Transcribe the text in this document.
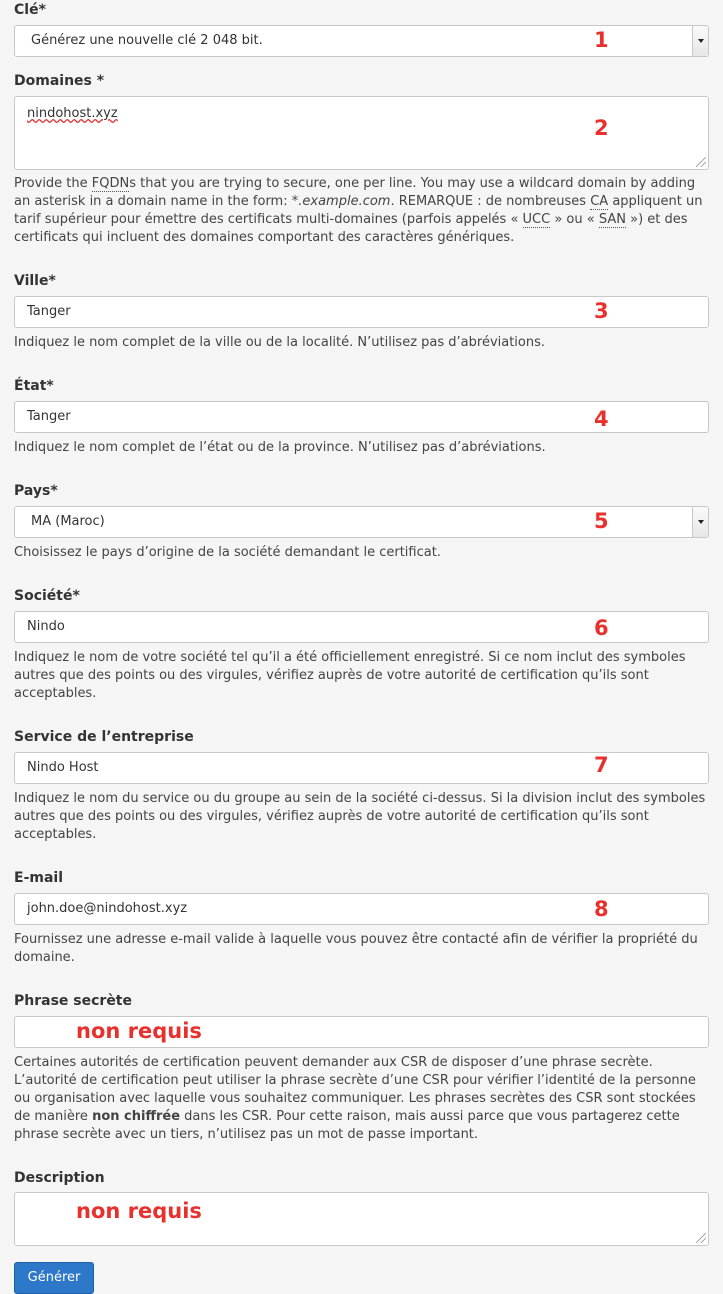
Clé*
Générez une nouvelle clé 2 048 bit.	1
Domaines *
nindohost.xyz
2
Provide the FQDNs that you are trying to secure, one per line. You may use a wildcard domain by adding an asterisk in a domain name in the form: *.example.com. REMARQUE : de nombreuses CA appliquent un tarif supérieur pour émettre des certificats multi-domaines (parfois appelés « UCC » ou « SAN ») et des certificats qui incluent des domaines comportant des caractères génériques.
Ville*
Tanger	3
Indiquez le nom complet de la ville ou de la localité. N’utilisez pas d’abréviations.
État*
Tanger	4
Indiquez le nom complet de l’état ou de la province. N’utilisez pas d’abréviations.
Pays*
MA (Maroc)	5
Choisissez le pays d’origine de la société demandant le certificat.
Société*
Nindo	6
Indiquez le nom de votre société tel qu’il a été officiellement enregistré. Si ce nom inclut des symboles autres que des points ou des virgules, vérifiez auprès de votre autorité de certification qu’ils sont acceptables.
Service de l’entreprise
Nindo Host	7
Indiquez le nom du service ou du groupe au sein de la société ci-dessus. Si la division inclut des symboles autres que des points ou des virgules, vérifiez auprès de votre autorité de certification qu’ils sont acceptables.
E-mail
john.doe@nindohost.xyz	8
Fournissez une adresse e-mail valide à laquelle vous pouvez être contacté afin de vérifier la propriété du domaine.
Phrase secrète
non requis
Certaines autorités de certification peuvent demander aux CSR de disposer d’une phrase secrète. L’autorité de certification peut utiliser la phrase secrète d’une CSR pour vérifier l’identité de la personne ou organisation avec laquelle vous souhaitez communiquer. Les phrases secrètes des CSR sont stockées de manière non chiffrée dans les CSR. Pour cette raison, mais aussi parce que vous partagerez cette phrase secrète avec un tiers, n’utilisez pas un mot de passe important.
Description
non requis
Générer
